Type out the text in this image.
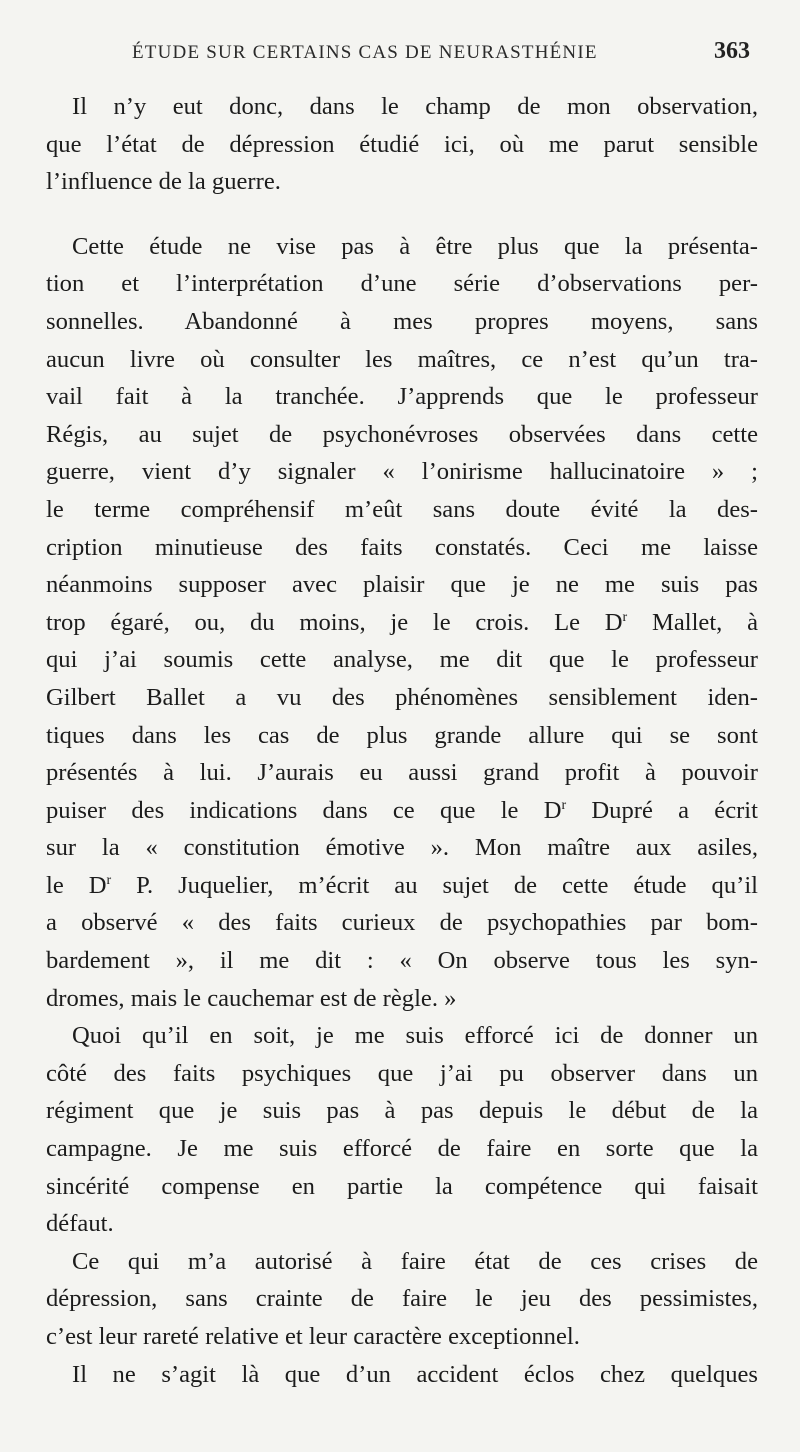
ÉTUDE SUR CERTAINS CAS DE NEURASTHÉNIE	363
Il n’y eut donc, dans le champ de mon observation,
que l’état de dépression étudié ici, où me parut sensible
l’influence de la guerre.
Cette étude ne vise pas à être plus que la présenta-
tion et l’interprétation d’une série d’observations per-
sonnelles. Abandonné à mes propres moyens, sans
aucun livre où consulter les maîtres, ce n’est qu’un tra-
vail fait à la tranchée. J’apprends que le professeur
Régis, au sujet de psychonévroses observées dans cette
guerre, vient d’y signaler « l’onirisme hallucinatoire » ;
le terme compréhensif m’eût sans doute évité la des-
cription minutieuse des faits constatés. Ceci me laisse
néanmoins supposer avec plaisir que je ne me suis pas
trop égaré, ou, du moins, je le crois. Le $D^r$ Mallet, à
qui j’ai soumis cette analyse, me dit que le professeur
Gilbert Ballet a vu des phénomènes sensiblement iden-
tiques dans les cas de plus grande allure qui se sont
présentés à lui. J’aurais eu aussi grand profit à pouvoir
puiser des indications dans ce que le $D^r$ Dupré a écrit
sur la « constitution émotive ». Mon maître aux asiles,
le $D^r$ P. Juquelier, m’écrit au sujet de cette étude qu’il
a observé « des faits curieux de psychopathies par bom-
bardement », il me dit : « On observe tous les syn-
dromes, mais le cauchemar est de règle. »
Quoi qu’il en soit, je me suis efforcé ici de donner un
côté des faits psychiques que j’ai pu observer dans un
régiment que je suis pas à pas depuis le début de la
campagne. Je me suis efforcé de faire en sorte que la
sincérité compense en partie la compétence qui faisait
défaut.
Ce qui m’a autorisé à faire état de ces crises de
dépression, sans crainte de faire le jeu des pessimistes,
c’est leur rareté relative et leur caractère exceptionnel.
Il ne s’agit là que d’un accident éclos chez quelques
